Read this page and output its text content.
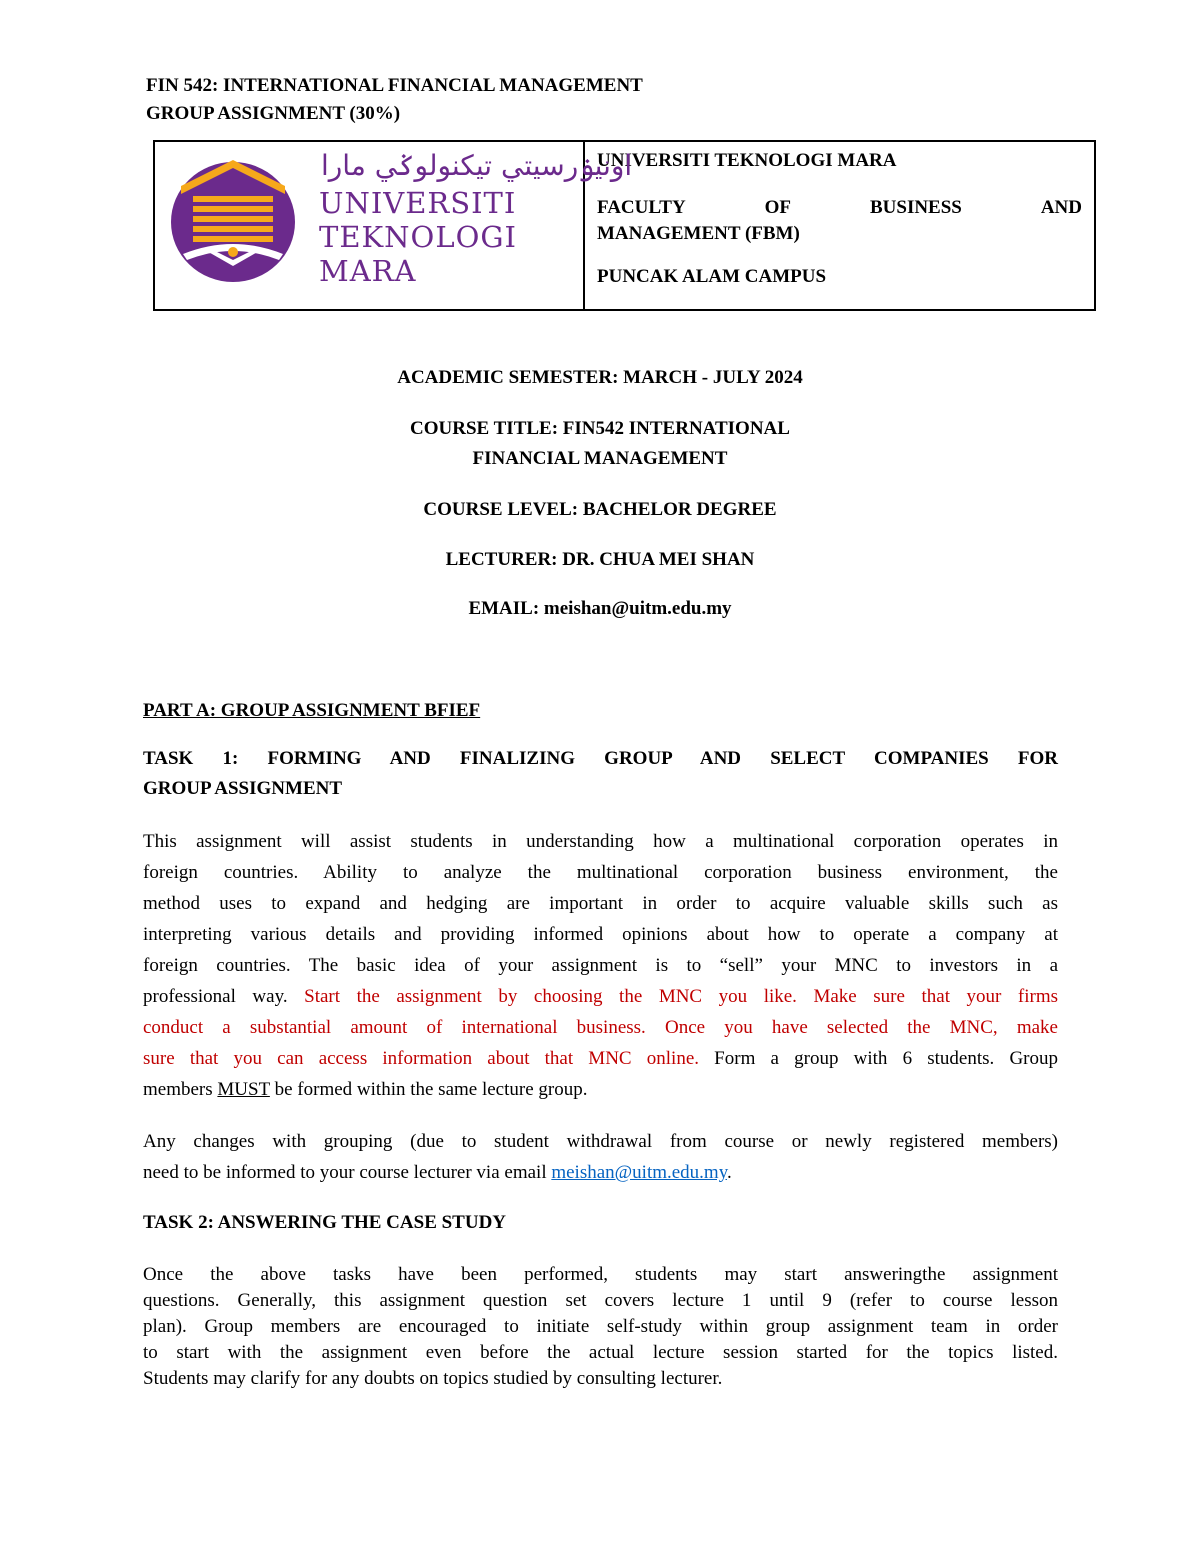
FIN 542: INTERNATIONAL FINANCIAL MANAGEMENT
GROUP ASSIGNMENT (30%)
اونيۏرسيتي تيكنولوݢي مارا
UNIVERSITI
TEKNOLOGI
MARA
UNIVERSITI TEKNOLOGI MARA
FACULTY	OF	BUSINESS	AND
MANAGEMENT (FBM)
PUNCAK ALAM CAMPUS
ACADEMIC SEMESTER: MARCH - JULY 2024
COURSE TITLE: FIN542 INTERNATIONAL
FINANCIAL MANAGEMENT
COURSE LEVEL: BACHELOR DEGREE
LECTURER: DR. CHUA MEI SHAN
EMAIL: meishan@uitm.edu.my
PART A: GROUP ASSIGNMENT BFIEF
TASK 1: FORMING AND FINALIZING GROUP AND SELECT COMPANIES FOR
GROUP ASSIGNMENT
This assignment will assist students in understanding how a multinational corporation operates in
foreign countries. Ability to analyze the multinational corporation business environment, the
method uses to expand and hedging are important in order to acquire valuable skills such as
interpreting various details and providing informed opinions about how to operate a company at
foreign countries. The basic idea of your assignment is to “sell” your MNC to investors in a
professional way. Start the assignment by choosing the MNC you like. Make sure that your firms
conduct a substantial amount of international business. Once you have selected the MNC, make
sure that you can access information about that MNC online. Form a group with 6 students. Group
members MUST be formed within the same lecture group.
Any changes with grouping (due to student withdrawal from course or newly registered members)
need to be informed to your course lecturer via email meishan@uitm.edu.my.
TASK 2: ANSWERING THE CASE STUDY
Once the above tasks have been performed, students may start answeringthe assignment
questions. Generally, this assignment question set covers lecture 1 until 9 (refer to course lesson
plan). Group members are encouraged to initiate self-study within group assignment team in order
to start with the assignment even before the actual lecture session started for the topics listed.
Students may clarify for any doubts on topics studied by consulting lecturer.
